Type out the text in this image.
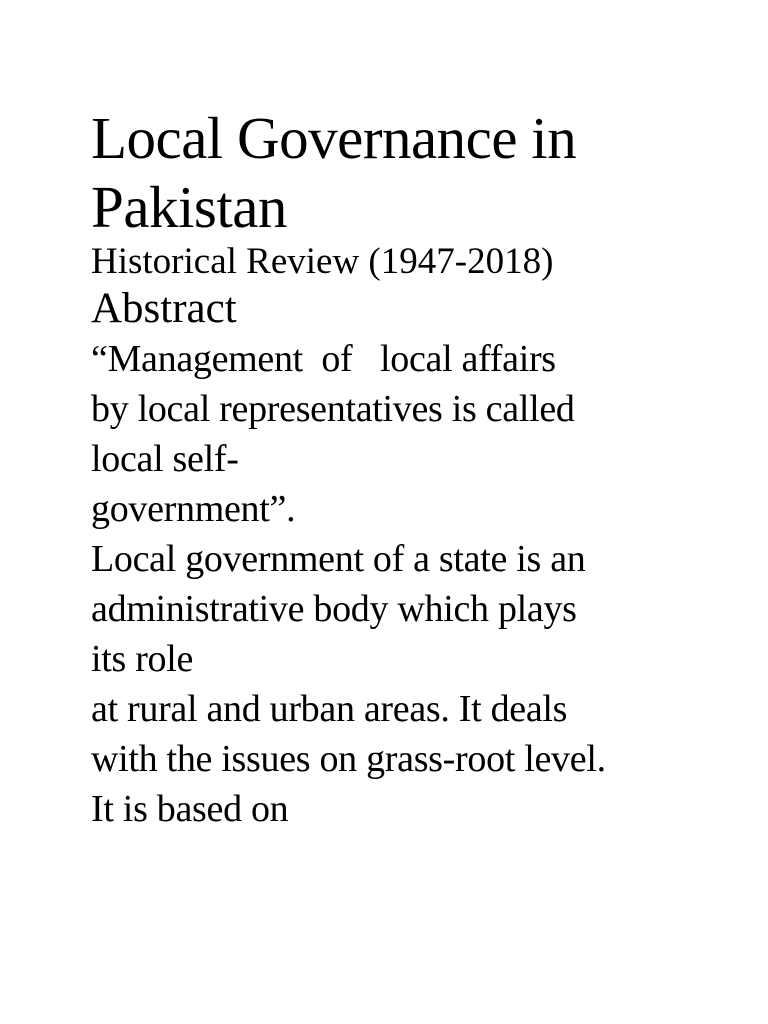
Local Governance in
Pakistan
Historical Review (1947-2018)
Abstract
“Management  of   local affairs
by local representatives is called
local self-
government”.
Local government of a state is an
administrative body which plays
its role
at rural and urban areas. It deals
with the issues on grass-root level.
It is based on
